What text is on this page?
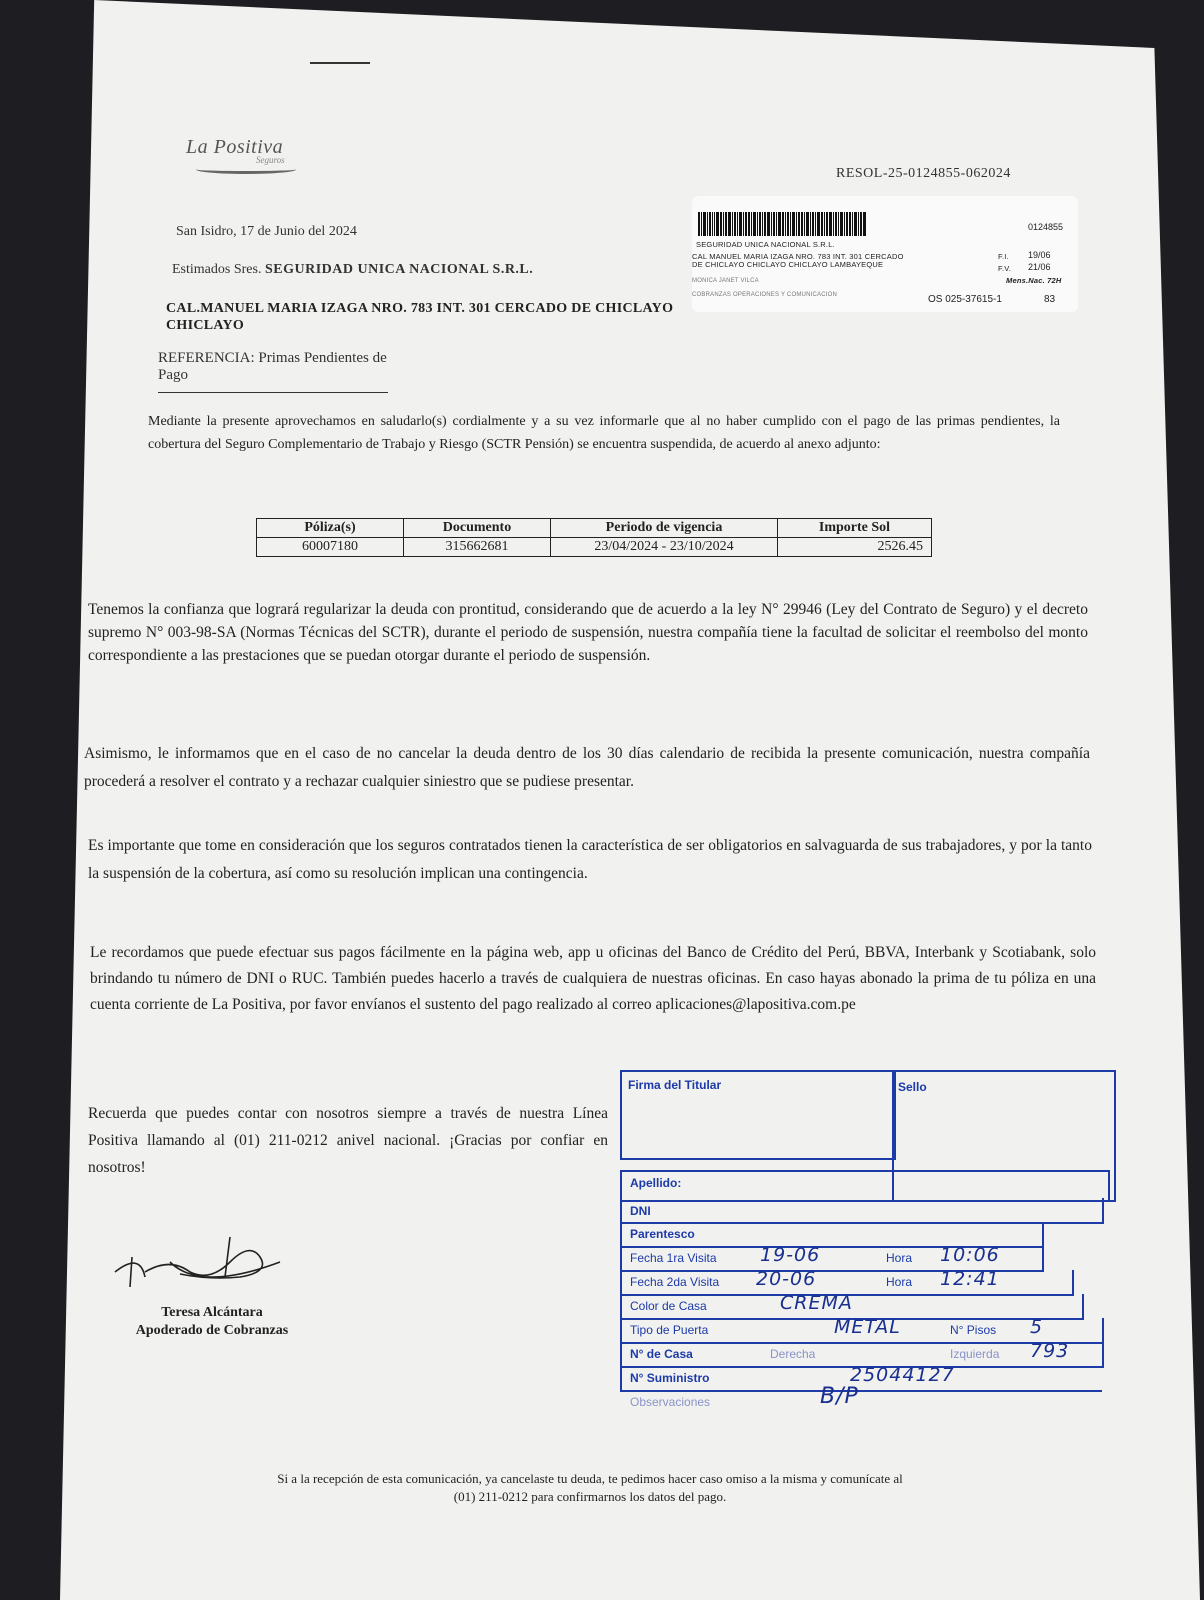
La Positiva
Seguros
RESOL-25-0124855-062024
0124855
SEGURIDAD UNICA NACIONAL S.R.L.
CAL MANUEL MARIA IZAGA NRO. 783 INT. 301 CERCADO
DE CHICLAYO CHICLAYO CHICLAYO LAMBAYEQUE
MONICA JANET VILCA
COBRANZAS OPERACIONES Y COMUNICACION
F.I. 19/06
F.V. 21/06
Mens.Nac. 72H
OS 025-37615-1	83
San Isidro, 17 de Junio del 2024
Estimados Sres. SEGURIDAD UNICA NACIONAL S.R.L.
CAL.MANUEL MARIA IZAGA NRO. 783 INT. 301 CERCADO DE CHICLAYO
CHICLAYO
REFERENCIA: Primas Pendientes de Pago
Mediante la presente aprovechamos en saludarlo(s) cordialmente y a su vez informarle que al no haber cumplido con el pago de las primas pendientes, la cobertura del Seguro Complementario de Trabajo y Riesgo (SCTR Pensión) se encuentra suspendida, de acuerdo al anexo adjunto:
Póliza(s)	Documento	Periodo de vigencia	Importe Sol
60007180	315662681	23/04/2024 - 23/10/2024	2526.45
Tenemos la confianza que logrará regularizar la deuda con prontitud, considerando que de acuerdo a la ley N° 29946 (Ley del Contrato de Seguro) y el decreto supremo N° 003-98-SA (Normas Técnicas del SCTR), durante el periodo de suspensión, nuestra compañía tiene la facultad de solicitar el reembolso del monto correspondiente a las prestaciones que se puedan otorgar durante el periodo de suspensión.
Asimismo, le informamos que en el caso de no cancelar la deuda dentro de los 30 días calendario de recibida la presente comunicación, nuestra compañía procederá a resolver el contrato y a rechazar cualquier siniestro que se pudiese presentar.
Es importante que tome en consideración que los seguros contratados tienen la característica de ser obligatorios en salvaguarda de sus trabajadores, y por la tanto la suspensión de la cobertura, así como su resolución implican una contingencia.
Le recordamos que puede efectuar sus pagos fácilmente en la página web, app u oficinas del Banco de Crédito del Perú, BBVA, Interbank y Scotiabank, solo brindando tu número de DNI o RUC. También puedes hacerlo a través de cualquiera de nuestras oficinas. En caso hayas abonado la prima de tu póliza en una cuenta corriente de La Positiva, por favor envíanos el sustento del pago realizado al correo aplicaciones@lapositiva.com.pe
Recuerda que puedes contar con nosotros siempre a través de nuestra Línea Positiva llamando al (01) 211-0212 anivel nacional. ¡Gracias por confiar en nosotros!
Teresa Alcántara
Apoderado de Cobranzas
Firma del Titular	Sello
Apellido:
DNI
Parentesco
Fecha 1ra Visita 19-06	Hora 10:06
Fecha 2da Visita 20-06	Hora 12:41
Color de Casa	CREMA
Tipo de Puerta	METAL	N° Pisos 5
N° de Casa	Derecha	Izquierda 793
N° Suministro	25044127
Observaciones	B/P
Si a la recepción de esta comunicación, ya cancelaste tu deuda, te pedimos hacer caso omiso a la misma y comunícate al
(01) 211-0212 para confirmarnos los datos del pago.
